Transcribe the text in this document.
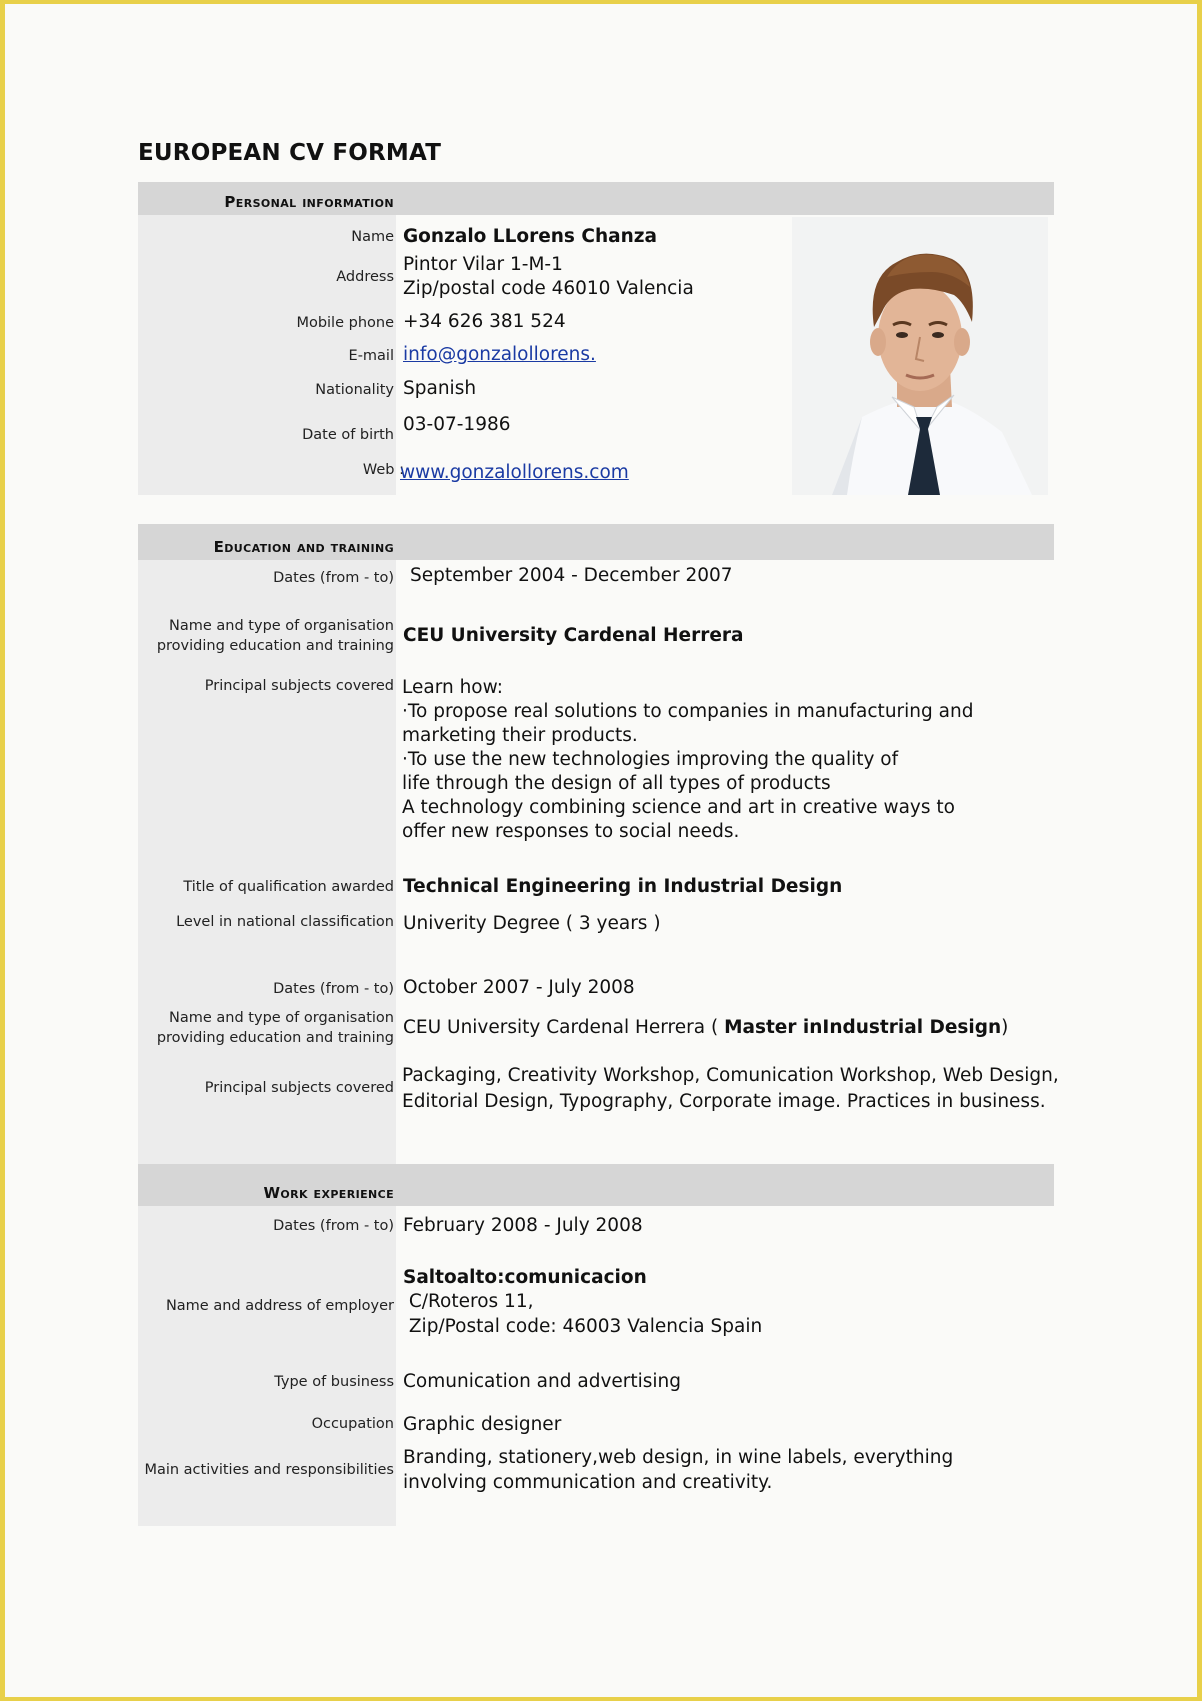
EUROPEAN CV FORMAT
Personal information
Name Gonzalo LLorens Chanza
Address
Pintor Vilar 1-M-1
Zip/postal code 46010 Valencia
Mobile phone +34 626 381 524
E-mail info@gonzalollorens.
Nationality Spanish
Date of birth 03-07-1986
Web :
www.gonzalollorens.com
Education and training
Dates (from - to) September 2004 - December 2007
Name and type of organisation
providing education and training CEU University Cardenal Herrera
Principal subjects covered Learn how:
·To propose real solutions to companies in manufacturing and
marketing their products.
·To use the new technologies improving the quality of
life through the design of all types of products
A technology combining science and art in creative ways to
offer new responses to social needs.
Title of qualification awarded Technical Engineering in Industrial Design
Level in national classification Univerity Degree ( 3 years )
Dates (from - to) October 2007 - July 2008
Name and type of organisation
providing education and training CEU University Cardenal Herrera ( Master inIndustrial Design)
Principal subjects covered
Packaging, Creativity Workshop, Comunication Workshop, Web Design,
Editorial Design, Typography, Corporate image. Practices in business.
Work experience
Dates (from - to) February 2008 - July 2008
Name and address of employer
Saltoalto:comunicacion
C/Roteros 11,
Zip/Postal code: 46003 Valencia Spain
Type of business Comunication and advertising
Occupation Graphic designer
Main activities and responsibilities
Branding, stationery,web design, in wine labels, everything
involving communication and creativity.
